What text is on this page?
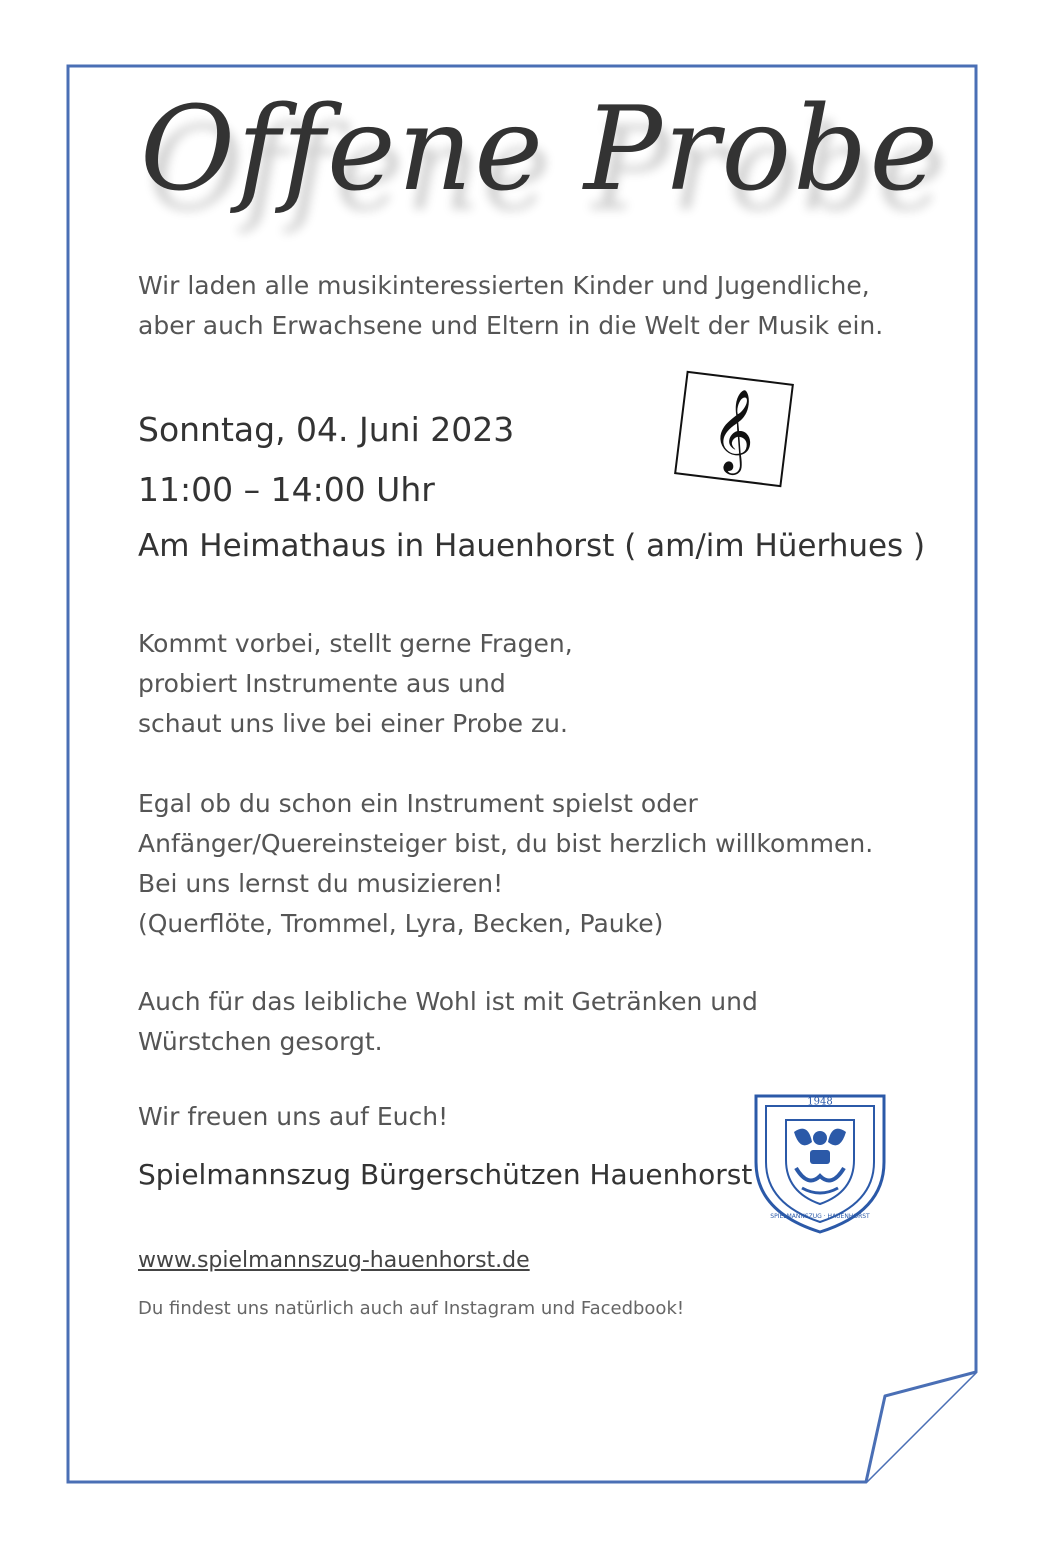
Offene Probe
Wir laden alle musikinteressierten Kinder und Jugendliche,
aber auch Erwachsene und Eltern in die Welt der Musik ein.
Sonntag, 04. Juni 2023
11:00 – 14:00 Uhr
Am Heimathaus in Hauenhorst ( am/im Hüerhues )
𝄞
Kommt vorbei, stellt gerne Fragen,
probiert Instrumente aus und
schaut uns live bei einer Probe zu.
Egal ob du schon ein Instrument spielst oder
Anfänger/Quereinsteiger bist, du bist herzlich willkommen.
Bei uns lernst du musizieren!
(Querflöte, Trommel, Lyra, Becken, Pauke)
Auch für das leibliche Wohl ist mit Getränken und
Würstchen gesorgt.
Wir freuen uns auf Euch!
Spielmannszug Bürgerschützen Hauenhorst
1948
SPIELMANNSZUG · HAUENHORST
www.spielmannszug-hauenhorst.de
Du findest uns natürlich auch auf Instagram und Facedbook!
